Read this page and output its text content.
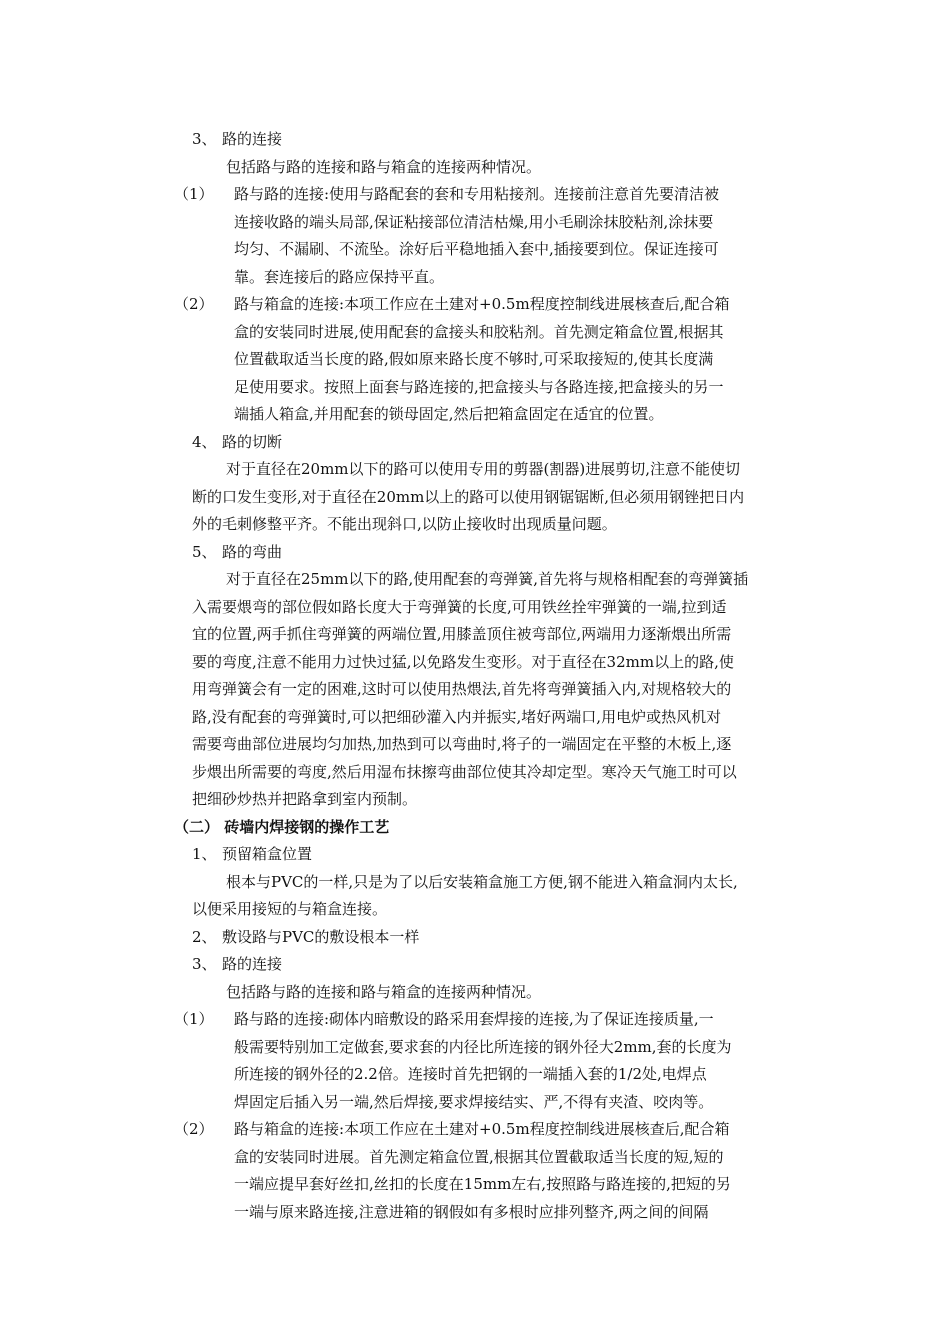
3、 路的连接
包括路与路的连接和路与箱盒的连接两种情况。
（1）	路与路的连接:使用与路配套的套和专用粘接剂。连接前注意首先要清洁被
连接收路的端头局部,保证粘接部位清洁枯燥,用小毛刷涂抹胶粘剂,涂抹要
均匀、不漏刷、不流坠。涂好后平稳地插入套中,插接要到位。保证连接可
靠。套连接后的路应保持平直。
（2）	路与箱盒的连接:本项工作应在土建对+0.5m程度控制线进展核查后,配合箱
盒的安装同时进展,使用配套的盒接头和胶粘剂。首先测定箱盒位置,根据其
位置截取适当长度的路,假如原来路长度不够时,可采取接短的,使其长度满
足使用要求。按照上面套与路连接的,把盒接头与各路连接,把盒接头的另一
端插人箱盒,并用配套的锁母固定,然后把箱盒固定在适宜的位置。
4、 路的切断
对于直径在20mm以下的路可以使用专用的剪器(割器)进展剪切,注意不能使切
断的口发生变形,对于直径在20mm以上的路可以使用钢锯锯断,但必须用钢锉把日内
外的毛刺修整平齐。不能出现斜口,以防止接收时出现质量问题。
5、 路的弯曲
对于直径在25mm以下的路,使用配套的弯弹簧,首先将与规格相配套的弯弹簧插
入需要煨弯的部位假如路长度大于弯弹簧的长度,可用铁丝拴牢弹簧的一端,拉到适
宜的位置,两手抓住弯弹簧的两端位置,用膝盖顶住被弯部位,两端用力逐渐煨出所需
要的弯度,注意不能用力过快过猛,以免路发生变形。对于直径在32mm以上的路,使
用弯弹簧会有一定的困难,这时可以使用热煨法,首先将弯弹簧插入内,对规格较大的
路,没有配套的弯弹簧时,可以把细砂灌入内并振实,堵好两端口,用电炉或热风机对
需要弯曲部位进展均匀加热,加热到可以弯曲时,将子的一端固定在平整的木板上,逐
步煨出所需要的弯度,然后用湿布抹擦弯曲部位使其冷却定型。寒冷天气施工时可以
把细砂炒热并把路拿到室内预制。
（二） 砖墙内焊接钢的操作工艺
1、 预留箱盒位置
根本与PVC的一样,只是为了以后安装箱盒施工方便,钢不能进入箱盒洞内太长,
以便采用接短的与箱盒连接。
2、 敷设路与PVC的敷设根本一样
3、 路的连接
包括路与路的连接和路与箱盒的连接两种情况。
（1）	路与路的连接:砌体内暗敷设的路采用套焊接的连接,为了保证连接质量,一
般需要特别加工定做套,要求套的内径比所连接的钢外径大2mm,套的长度为
所连接的钢外径的2.2倍。连接时首先把钢的一端插入套的1/2处,电焊点
焊固定后插入另一端,然后焊接,要求焊接结实、严,不得有夹渣、咬肉等。
（2）	路与箱盒的连接:本项工作应在土建对+0.5m程度控制线进展核查后,配合箱
盒的安装同时进展。首先测定箱盒位置,根据其位置截取适当长度的短,短的
一端应提早套好丝扣,丝扣的长度在15mm左右,按照路与路连接的,把短的另
一端与原来路连接,注意进箱的钢假如有多根时应排列整齐,两之间的间隔
